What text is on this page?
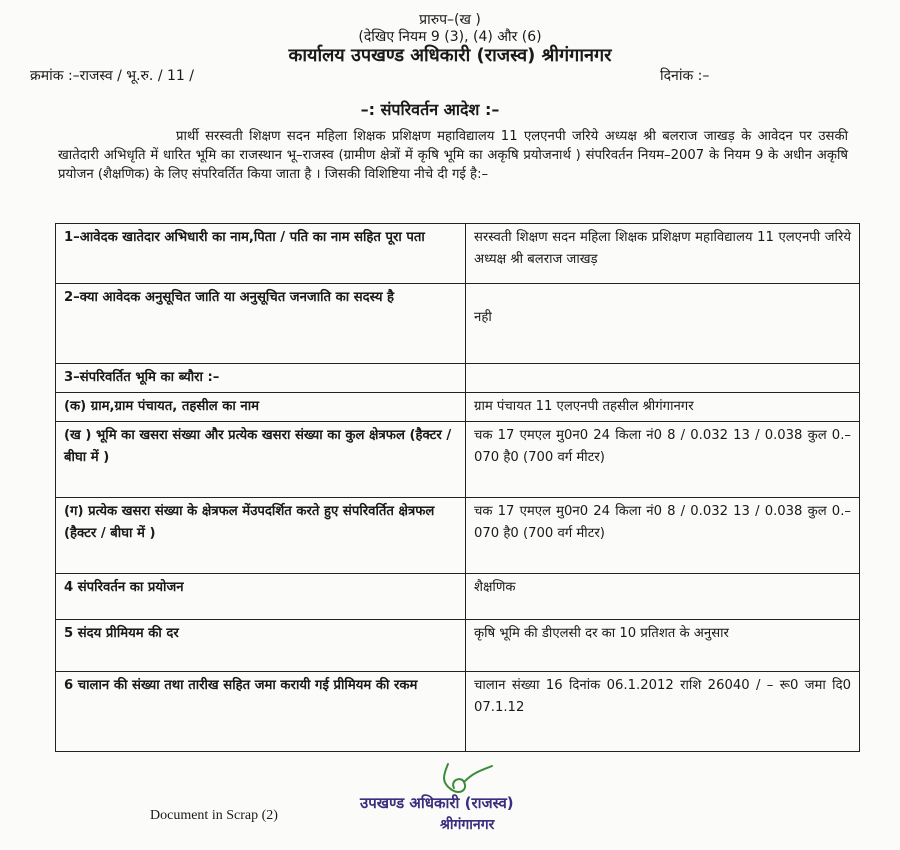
प्रारुप–(ख )
(देखिए नियम 9 (3), (4) और (6)
कार्यालय उपखण्ड अधिकारी (राजस्व) श्रीगंगानगर
क्रमांक :–राजस्व / भू.रु. / 11 /	दिनांक :–
–: संपरिवर्तन आदेश :–
प्रार्थी सरस्वती शिक्षण सदन महिला शिक्षक प्रशिक्षण महाविद्यालय 11 एलएनपी जरिये अध्यक्ष श्री बलराज जाखड़ के आवेदन पर उसकी खातेदारी अभिधृति में धारित भूमि का राजस्थान भू–राजस्व (ग्रामीण क्षेत्रों में कृषि भूमि का अकृषि प्रयोजनार्थ ) संपरिवर्तन नियम–2007 के नियम 9 के अधीन अकृषि प्रयोजन (शैक्षणिक) के लिए संपरिवर्तित किया जाता है । जिसकी विशिष्टिया नीचे दी गई है:–
1–आवेदक खातेदार अभिधारी का नाम,पिता / पति का नाम सहित पूरा पता	सरस्वती शिक्षण सदन महिला शिक्षक प्रशिक्षण महाविद्यालय 11 एलएनपी जरिये अध्यक्ष श्री बलराज जाखड़
2–क्या आवेदक अनुसूचित जाति या अनुसूचित जनजाति का सदस्य है	नही

3–संपरिवर्तित भूमि का ब्यौरा :–	
(क) ग्राम,ग्राम पंचायत, तहसील का नाम	ग्राम पंचायत 11 एलएनपी तहसील श्रीगंगानगर
(ख ) भूमि का खसरा संख्या और प्रत्येक खसरा संख्या का कुल क्षेत्रफल (हैक्टर / बीघा में )	चक 17 एमएल मु0न0 24 किला नं0 8 / 0.032 13 / 0.038 कुल 0.–070 है0 (700 वर्ग मीटर)
(ग) प्रत्येक खसरा संख्या के क्षेत्रफल मेंउपदर्शित करते हुए संपरिवर्तित क्षेत्रफल (हैक्टर / बीघा में )	चक 17 एमएल मु0न0 24 किला नं0 8 / 0.032 13 / 0.038 कुल 0.–070 है0 (700 वर्ग मीटर)
4 संपरिवर्तन का प्रयोजन	शैक्षणिक
5 संदय प्रीमियम की दर	कृषि भूमि की डीएलसी दर का 10 प्रतिशत के अनुसार
6 चालान की संख्या तथा तारीख सहित जमा करायी गई प्रीमियम की रकम	चालान संख्या 16 दिनांक 06.1.2012 राशि 26040 / – रू0 जमा दि0 07.1.12
Document in Scrap (2)
उपखण्ड अधिकारी (राजस्व)
श्रीगंगानगर
